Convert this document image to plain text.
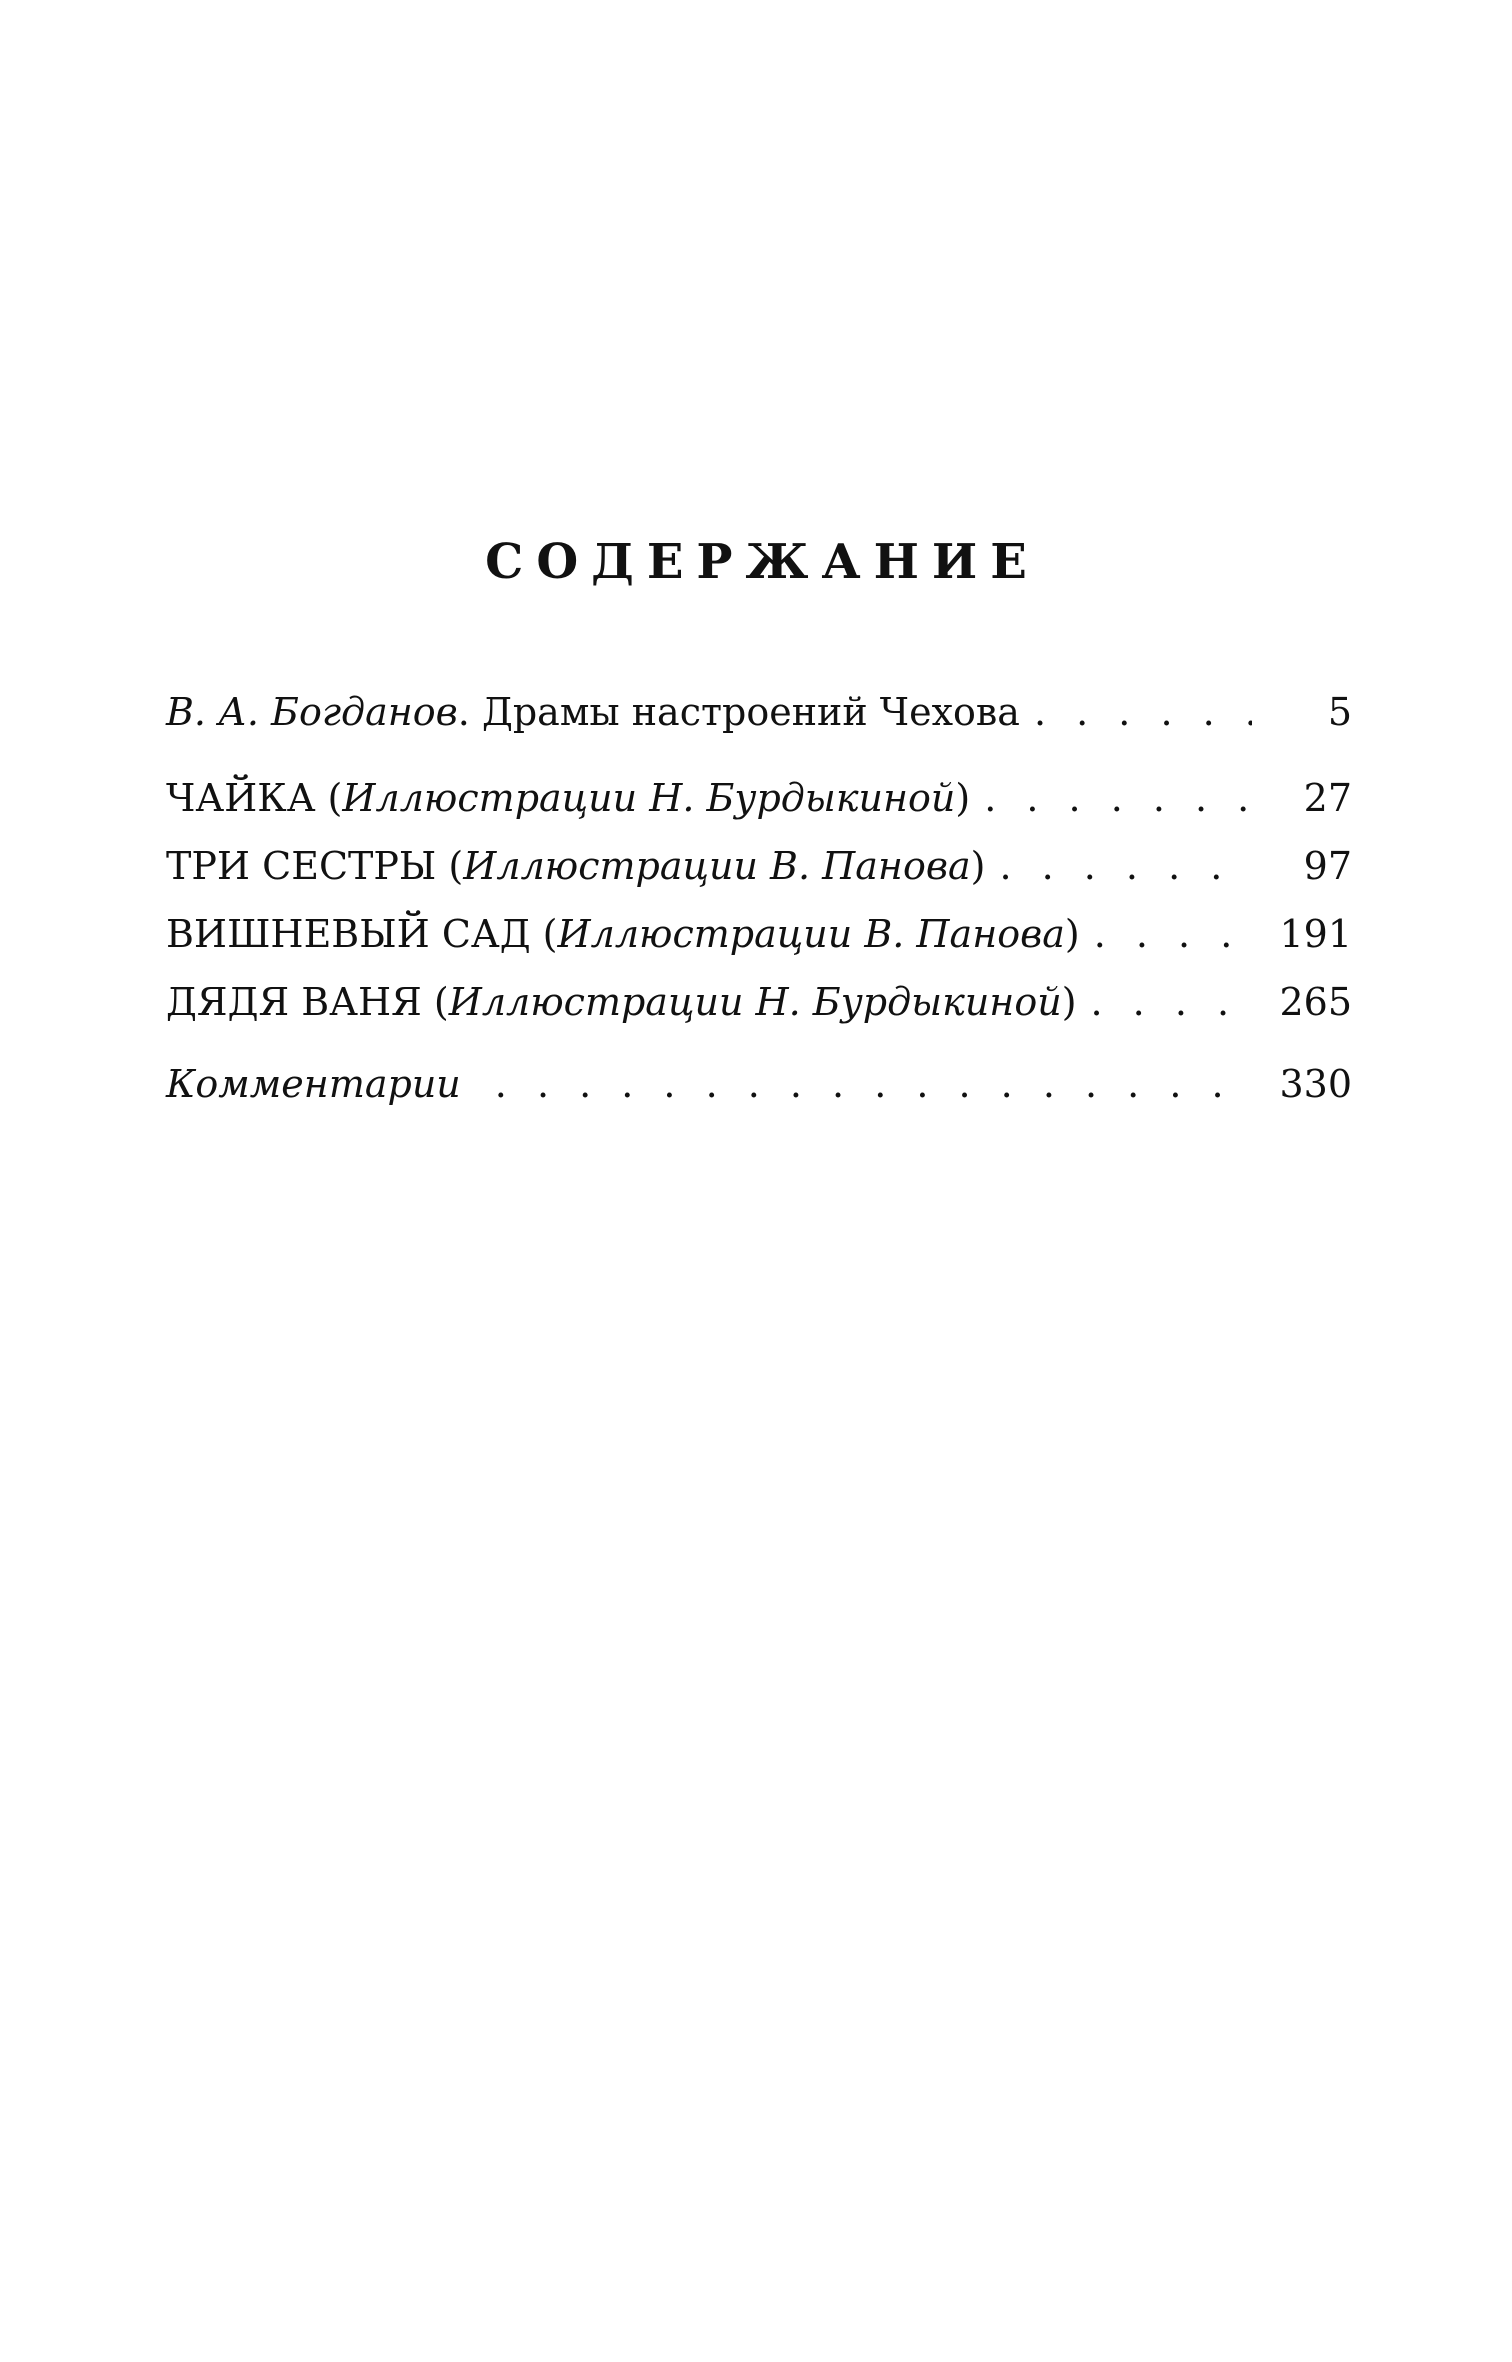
СОДЕРЖАНИЕ
В. А. Богданов. Драмы настроений Чехова . . .	5
ЧАЙКА (Иллюстрации Н. Бурдыкиной) . . .	27
ТРИ СЕСТРЫ (Иллюстрации В. Панова) . . .	97
ВИШНЕВЫЙ САД (Иллюстрации В. Панова) . . .	191
ДЯДЯ ВАНЯ (Иллюстрации Н. Бурдыкиной) . . .	265
Комментарии . . .	330
